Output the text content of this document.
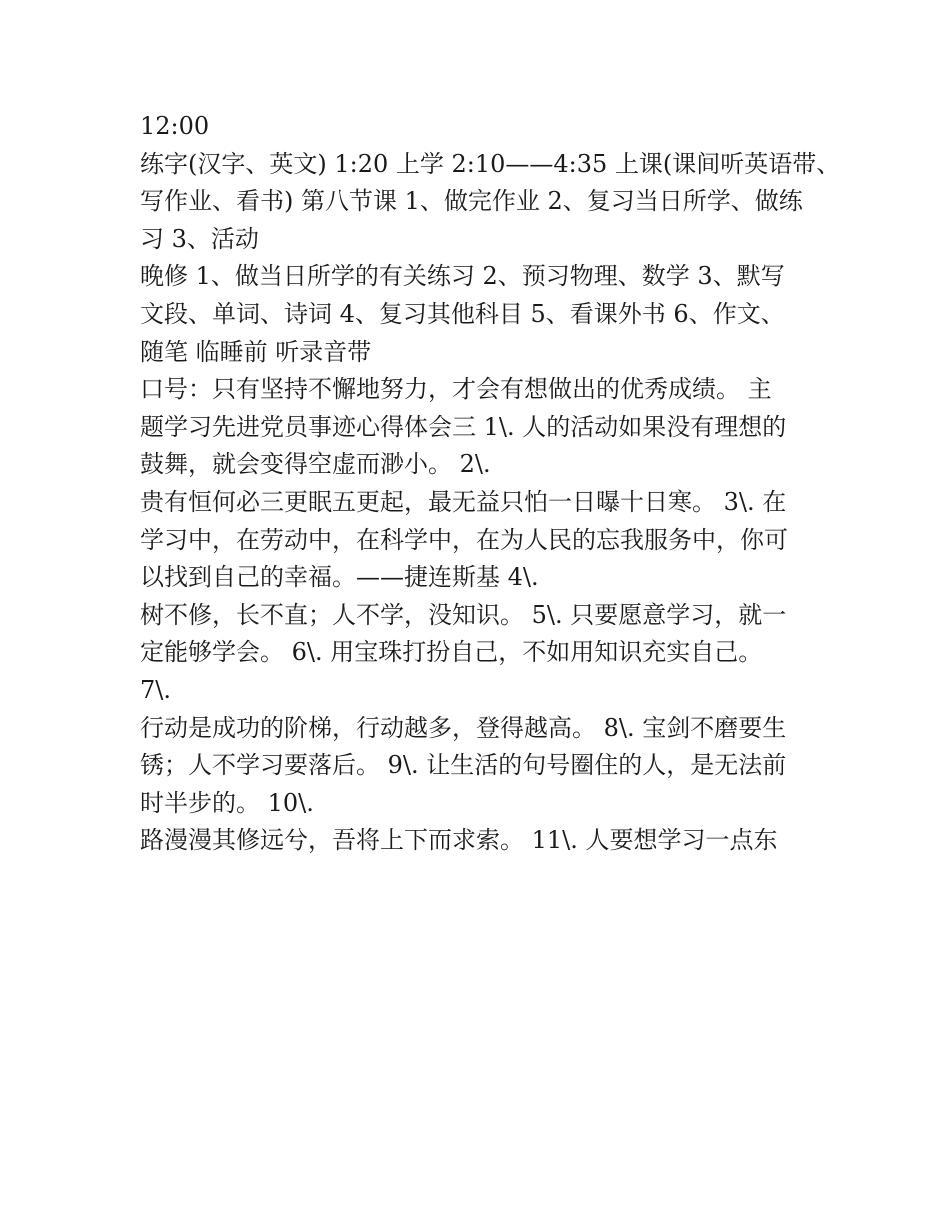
12:00

练字(汉字、英文) 1:20 上学 2:10——4:35 上课(课间听英语带、
写作业、看书) 第八节课 1、做完作业 2、复习当日所学、做练
习 3、活动

晚修 1、做当日所学的有关练习 2、预习物理、数学 3、默写
文段、单词、诗词 4、复习其他科目 5、看课外书 6、作文、
随笔 临睡前 听录音带

口号：只有坚持不懈地努力，才会有想做出的优秀成绩。 主
题学习先进党员事迹心得体会三 1\. 人的活动如果没有理想的
鼓舞，就会变得空虚而渺小。 2\.

贵有恒何必三更眠五更起，最无益只怕一日曝十日寒。 3\. 在
学习中，在劳动中，在科学中，在为人民的忘我服务中，你可
以找到自己的幸福。——捷连斯基 4\.

树不修，长不直；人不学，没知识。 5\. 只要愿意学习，就一
定能够学会。 6\. 用宝珠打扮自己，不如用知识充实自己。
7\.

行动是成功的阶梯，行动越多，登得越高。 8\. 宝剑不磨要生
锈；人不学习要落后。 9\. 让生活的句号圈住的人，是无法前
时半步的。 10\.

路漫漫其修远兮，吾将上下而求索。 11\. 人要想学习一点东
